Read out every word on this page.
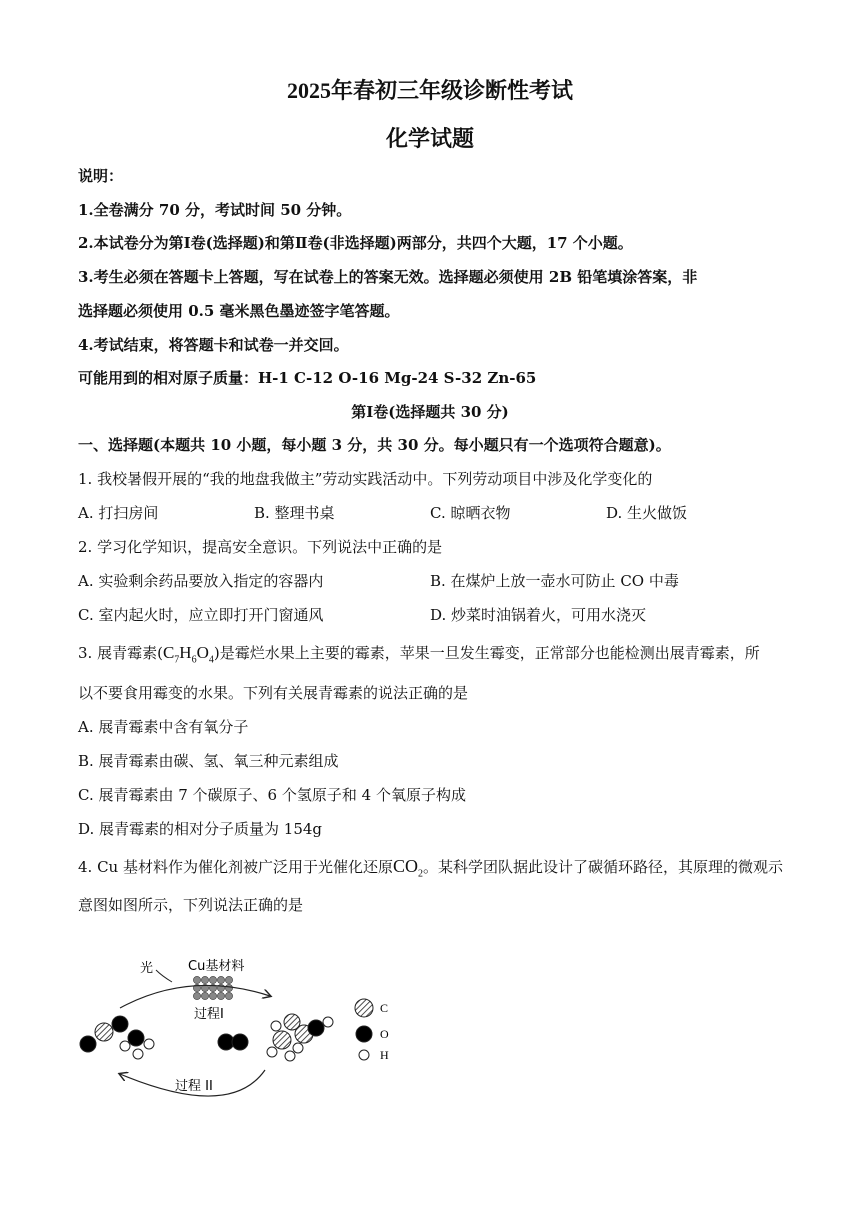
2025年春初三年级诊断性考试
化学试题
说明：
1.全卷满分 70 分，考试时间 50 分钟。
2.本试卷分为第Ⅰ卷(选择题)和第Ⅱ卷(非选择题)两部分，共四个大题，17 个小题。
3.考生必须在答题卡上答题，写在试卷上的答案无效。选择题必须使用 2B 铅笔填涂答案，非
选择题必须使用 0.5 毫米黑色墨迹签字笔答题。
4.考试结束，将答题卡和试卷一并交回。
可能用到的相对原子质量：H-1 C-12 O-16 Mg-24 S-32 Zn-65
第Ⅰ卷(选择题共 30 分)
一、选择题(本题共 10 小题，每小题 3 分，共 30 分。每小题只有一个选项符合题意)。
1. 我校暑假开展的“我的地盘我做主”劳动实践活动中。下列劳动项目中涉及化学变化的
A. 打扫房间	B. 整理书桌	C. 晾晒衣物	D. 生火做饭
2. 学习化学知识，提高安全意识。下列说法中正确的是
A. 实验剩余药品要放入指定的容器内	B. 在煤炉上放一壶水可防止 CO 中毒
C. 室内起火时，应立即打开门窗通风	D. 炒菜时油锅着火，可用水浇灭
3. 展青霉素$(C_7H_6O_4)$是霉烂水果上主要的霉素，苹果一旦发生霉变，正常部分也能检测出展青霉素，所
以不要食用霉变的水果。下列有关展青霉素的说法正确的是
A. 展青霉素中含有氧分子
B. 展青霉素由碳、氢、氧三种元素组成
C. 展青霉素由 7 个碳原子、6 个氢原子和 4 个氧原子构成
D. 展青霉素的相对分子质量为 154g
4. Cu 基材料作为催化剂被广泛用于光催化还原$CO_2$。某科学团队据此设计了碳循环路径，其原理的微观示
意图如图所示，下列说法正确的是
光	Cu基材料
过程I
过程 II
C
O
H
